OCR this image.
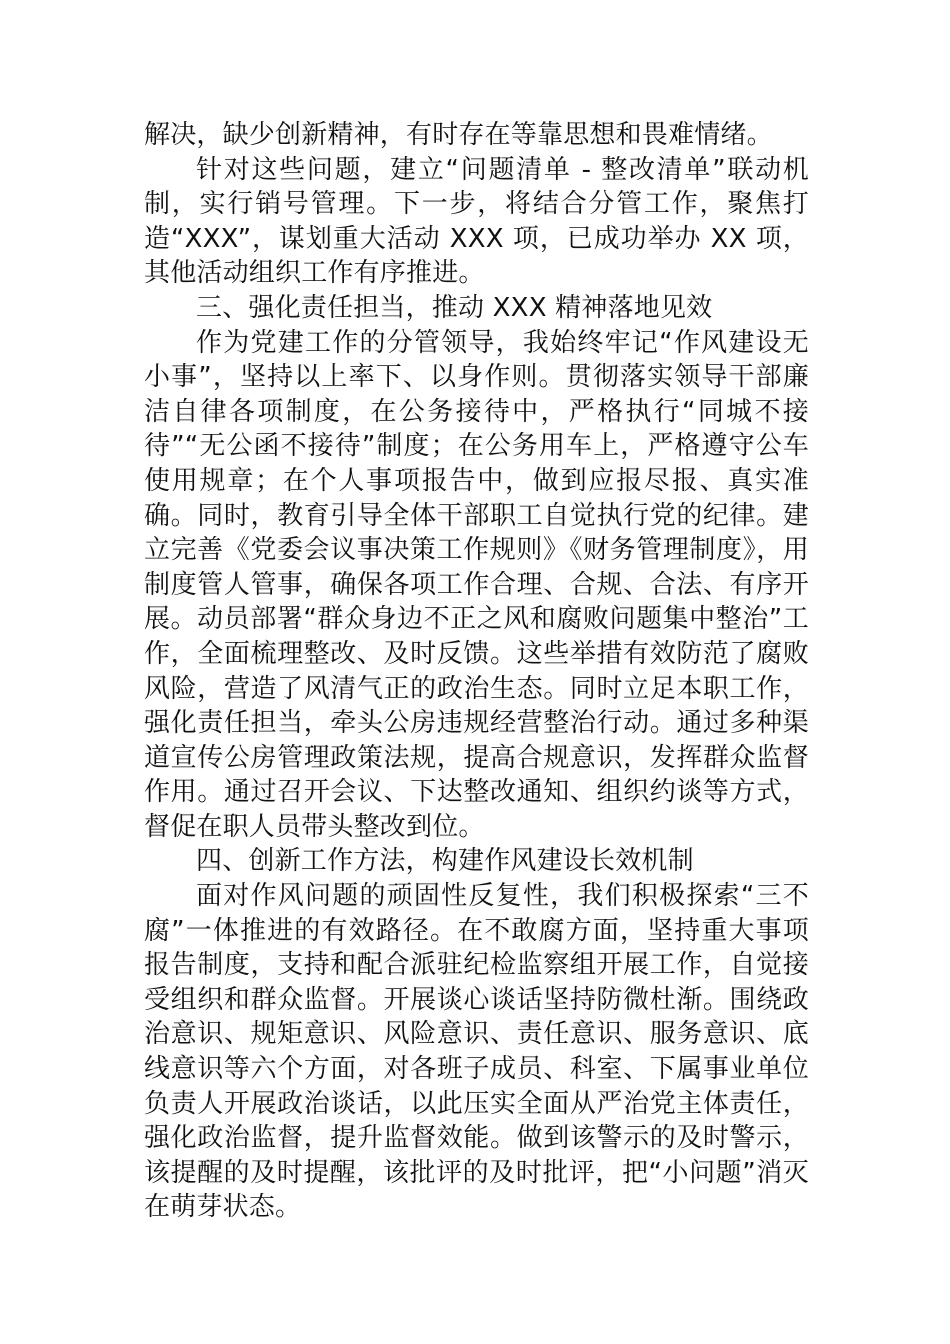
解决，缺少创新精神，有时存在等靠思想和畏难情绪。

针对这些问题，建立“问题清单 - 整改清单”联动机制，实行销号管理。下一步，将结合分管工作，聚焦打造“XXX”，谋划重大活动 XXX 项，已成功举办 XX 项，其他活动组织工作有序推进。

三、强化责任担当，推动 XXX 精神落地见效

作为党建工作的分管领导，我始终牢记“作风建设无小事”，坚持以上率下、以身作则。贯彻落实领导干部廉洁自律各项制度，在公务接待中，严格执行“同城不接待”“无公函不接待”制度；在公务用车上，严格遵守公车使用规章；在个人事项报告中，做到应报尽报、真实准确。同时，教育引导全体干部职工自觉执行党的纪律。建立完善《党委会议事决策工作规则》《财务管理制度》，用制度管人管事，确保各项工作合理、合规、合法、有序开展。动员部署“群众身边不正之风和腐败问题集中整治”工作，全面梳理整改、及时反馈。这些举措有效防范了腐败风险，营造了风清气正的政治生态。同时立足本职工作，强化责任担当，牵头公房违规经营整治行动。通过多种渠道宣传公房管理政策法规，提高合规意识，发挥群众监督作用。通过召开会议、下达整改通知、组织约谈等方式，督促在职人员带头整改到位。

四、创新工作方法，构建作风建设长效机制

面对作风问题的顽固性反复性，我们积极探索“三不腐”一体推进的有效路径。在不敢腐方面，坚持重大事项报告制度，支持和配合派驻纪检监察组开展工作，自觉接受组织和群众监督。开展谈心谈话坚持防微杜渐。围绕政治意识、规矩意识、风险意识、责任意识、服务意识、底线意识等六个方面，对各班子成员、科室、下属事业单位负责人开展政治谈话，以此压实全面从严治党主体责任，强化政治监督，提升监督效能。做到该警示的及时警示，该提醒的及时提醒，该批评的及时批评，把“小问题”消灭在萌芽状态。
